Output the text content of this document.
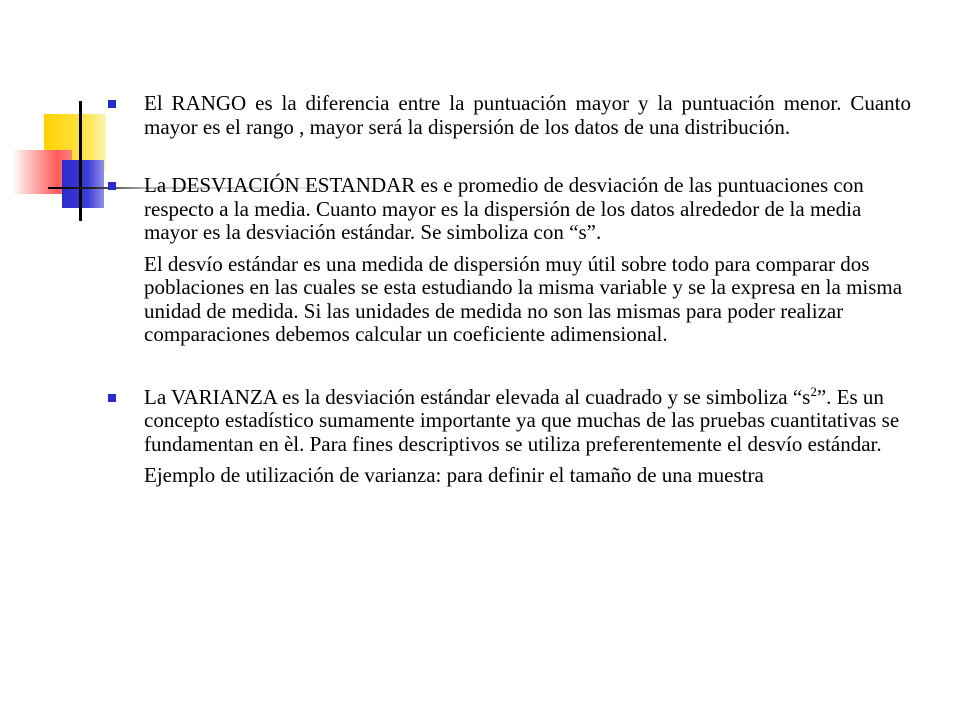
El RANGO es la diferencia entre la puntuación mayor y la puntuación menor. Cuanto mayor es el rango , mayor será la dispersión de los datos de una distribución.

La DESVIACIÓN ESTANDAR es e promedio de desviación de las puntuaciones con respecto a la media. Cuanto mayor es la dispersión de los datos alrededor de la media mayor es la desviación estándar. Se simboliza con “s”.

El desvío estándar es una medida de dispersión muy útil sobre todo para comparar dos poblaciones en las cuales se esta estudiando la misma variable y se la expresa en la misma unidad de medida. Si las unidades de medida no son las mismas para poder realizar comparaciones debemos calcular un coeficiente adimensional.

La VARIANZA es la desviación estándar elevada al cuadrado y se simboliza “$s^2$”. Es un concepto estadístico sumamente importante ya que muchas de las pruebas cuantitativas se fundamentan en èl. Para fines descriptivos se utiliza preferentemente el desvío estándar.

Ejemplo de utilización de varianza: para definir el tamaño de una muestra
